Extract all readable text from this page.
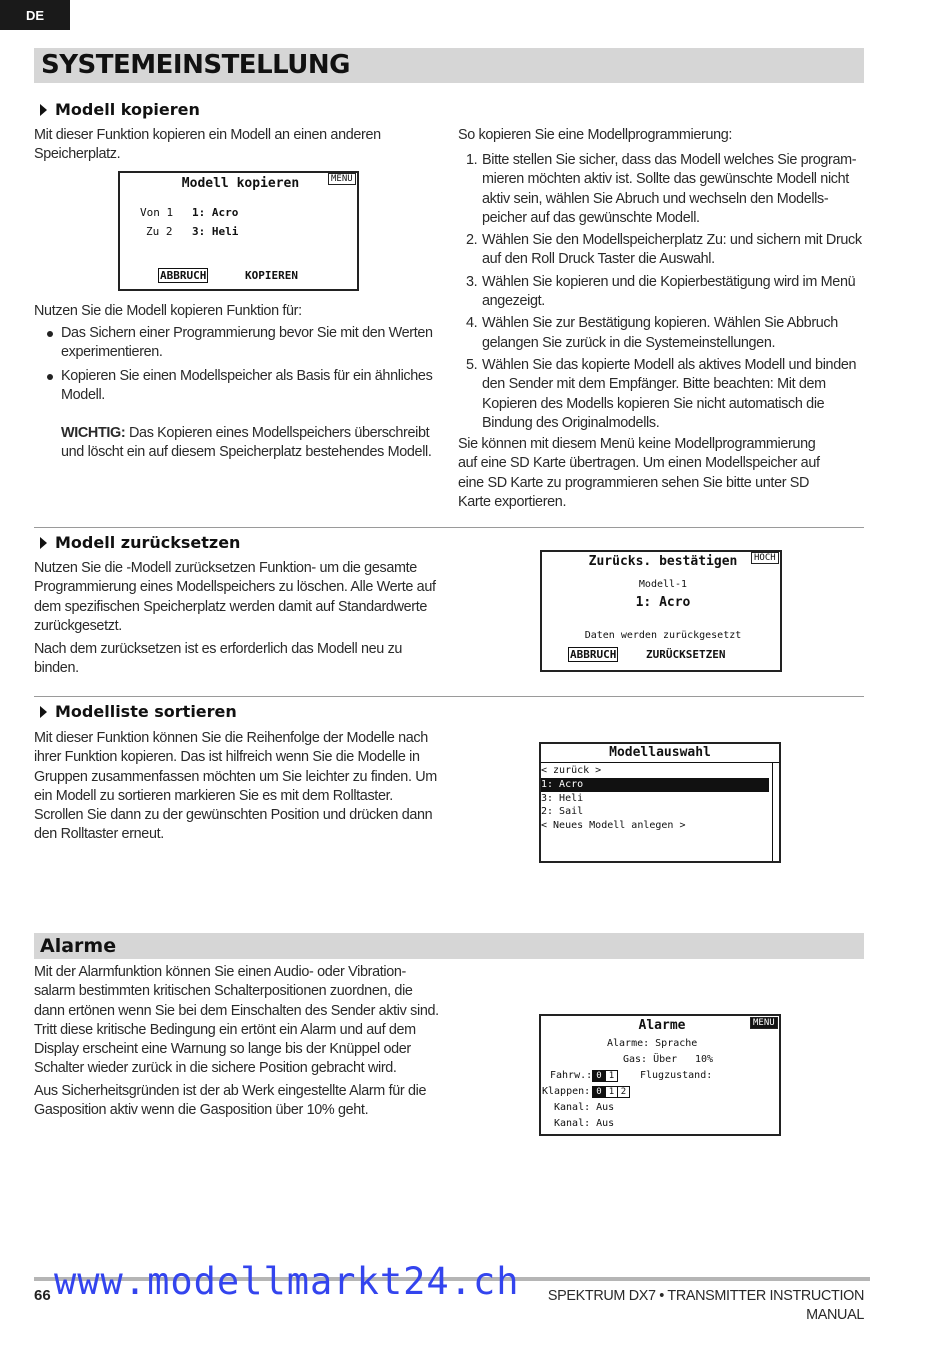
DE
SYSTEMEINSTELLUNG
Modell kopieren
Mit dieser Funktion kopieren ein Modell an einen anderen Speicherplatz.
Modell kopieren	MENU
Von 1 1: Acro
Zu 2 3: Heli
ABBRUCH	KOPIEREN
Nutzen Sie die Modell kopieren Funktion für:
Das Sichern einer Programmierung bevor Sie mit den Werten experimentieren.
Kopieren Sie einen Modellspeicher als Basis für ein ähnliches Modell.
WICHTIG: Das Kopieren eines Modellspeichers überschreibt und löscht ein auf diesem Speicherplatz bestehendes Modell.
So kopieren Sie eine Modellprogrammierung:
1. Bitte stellen Sie sicher, dass das Modell welches Sie program-mieren möchten aktiv ist. Sollte das gewünschte Modell nicht aktiv sein, wählen Sie Abruch und wechseln den Modells-peicher auf das gewünschte Modell.
2. Wählen Sie den Modellspeicherplatz Zu: und sichern mit Druck auf den Roll Druck Taster die Auswahl.
3. Wählen Sie kopieren und die Kopierbestätigung wird im Menü angezeigt.
4. Wählen Sie zur Bestätigung kopieren. Wählen Sie Abbruch gelangen Sie zurück in die Systemeinstellungen.
5. Wählen Sie das kopierte Modell als aktives Modell und binden den Sender mit dem Empfänger. Bitte beachten: Mit dem Kopieren des Modells kopieren Sie nicht automatisch die Bindung des Originalmodells.
Sie können mit diesem Menü keine Modellprogrammierung auf eine SD Karte übertragen. Um einen Modellspeicher auf eine SD Karte zu programmieren sehen Sie bitte unter SD Karte exportieren.
Modell zurücksetzen
Nutzen Sie die -Modell zurücksetzen Funktion- um die gesamte Programmierung eines Modellspeichers zu löschen. Alle Werte auf dem spezifischen Speicherplatz werden damit auf Standardwerte zurückgesetzt.
Nach dem zurücksetzen ist es erforderlich das Modell neu zu binden.
Zurücks. bestätigen	HOCH
Modell-1
1: Acro
Daten werden zurückgesetzt
ABBRUCH	ZURÜCKSETZEN
Modelliste sortieren
Mit dieser Funktion können Sie die Reihenfolge der Modelle nach ihrer Funktion kopieren. Das ist hilfreich wenn Sie die Modelle in Gruppen zusammenfassen möchten um Sie leichter zu finden. Um ein Modell zu sortieren markieren Sie es mit dem Rolltaster. Scrollen Sie dann zu der gewünschten Position und drücken dann den Rolltaster erneut.
Modellauswahl
< zurück >
1: Acro
3: Heli
2: Sail
< Neues Modell anlegen >
Alarme
Mit der Alarmfunktion können Sie einen Audio- oder Vibration-salarm bestimmten kritischen Schalterpositionen zuordnen, die dann ertönen wenn Sie bei dem Einschalten des Sender aktiv sind. Tritt diese kritische Bedingung ein ertönt ein Alarm und auf dem Display erscheint eine Warnung so lange bis der Knüppel oder Schalter wieder zurück in die sichere Position gebracht wird.
Aus Sicherheitsgründen ist der ab Werk eingestellte Alarm für die Gasposition aktiv wenn die Gasposition über 10% geht.
Alarme	MENU
Alarme: Sprache
Gas: Über 10%
Fahrw.: 0 1	Flugzustand:
Klappen: 0 1 2
Kanal: Aus
Kanal: Aus
66	SPEKTRUM DX7 • TRANSMITTER INSTRUCTION MANUAL
www.modellmarkt24.ch
